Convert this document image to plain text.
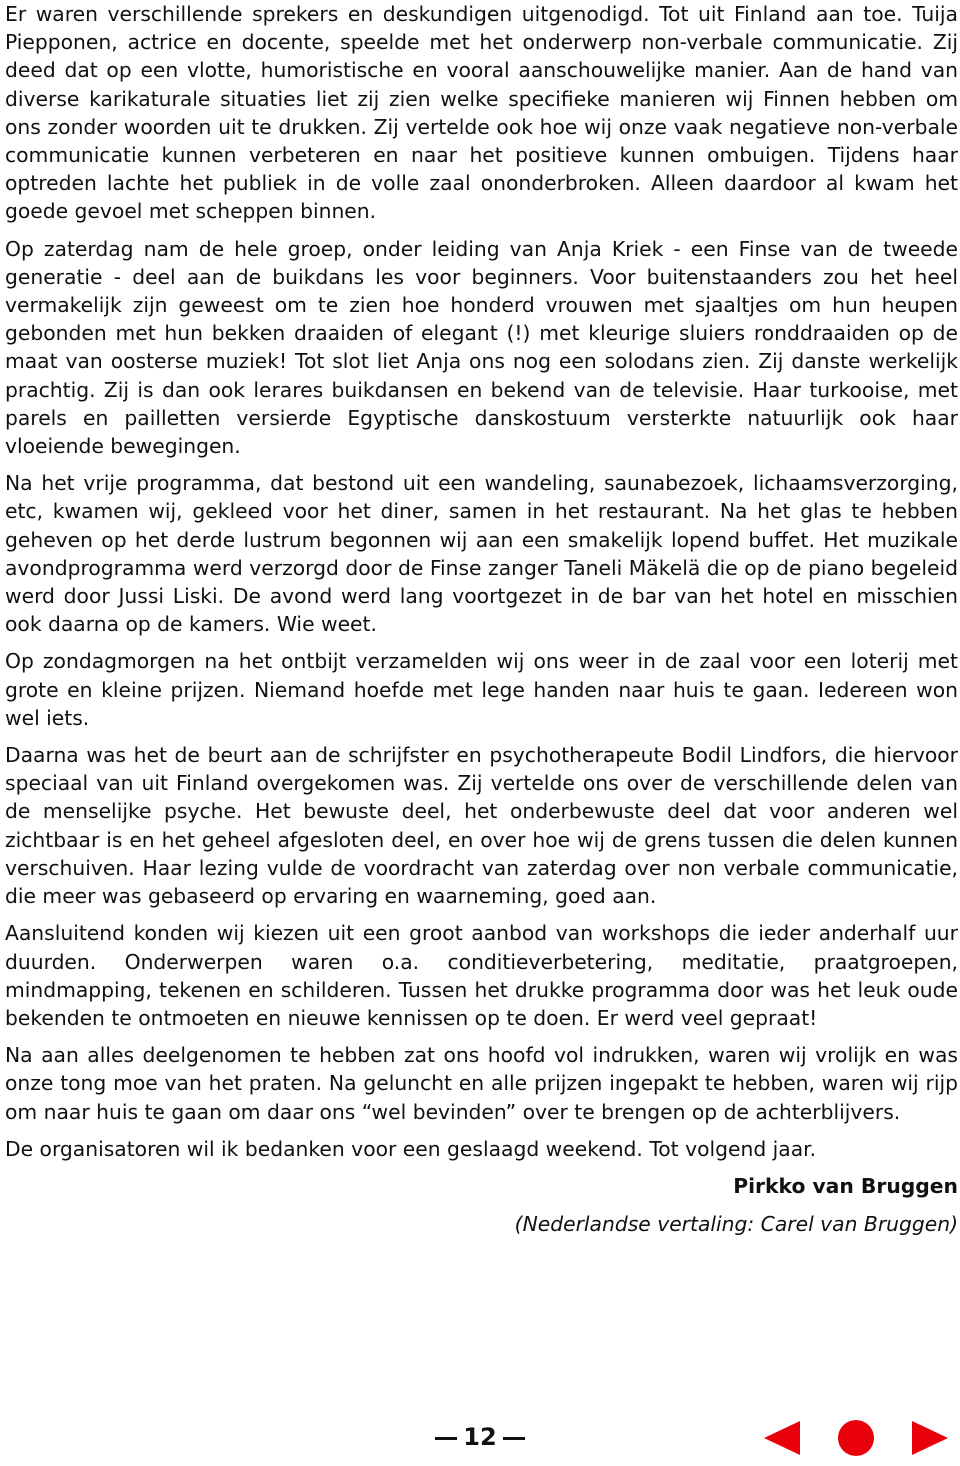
Er waren verschillende sprekers en deskundigen uitgenodigd. Tot uit Finland aan toe. Tuija Piepponen, actrice en docente, speelde met het onderwerp non-verbale communicatie. Zij deed dat op een vlotte, humoristische en vooral aanschouwelijke manier. Aan de hand van diverse karikaturale situaties liet zij zien welke specifieke manieren wij Finnen hebben om ons zonder woorden uit te drukken. Zij vertelde ook hoe wij onze vaak negatieve non-verbale communicatie kunnen verbeteren en naar het positieve kunnen ombuigen. Tijdens haar optreden lachte het publiek in de volle zaal ononderbroken. Alleen daardoor al kwam het goede gevoel met scheppen binnen.

Op zaterdag nam de hele groep, onder leiding van Anja Kriek - een Finse van de tweede generatie - deel aan de buikdans les voor beginners. Voor buitenstaanders zou het heel vermakelijk zijn geweest om te zien hoe honderd vrouwen met sjaaltjes om hun heupen gebonden met hun bekken draaiden of elegant (!) met kleurige sluiers ronddraaiden op de maat van oosterse muziek! Tot slot liet Anja ons nog een solodans zien. Zij danste werkelijk prachtig. Zij is dan ook lerares buikdansen en bekend van de televisie. Haar turkooise, met parels en pailletten versierde Egyptische danskostuum versterkte natuurlijk ook haar vloeiende bewegingen.

Na het vrije programma, dat bestond uit een wandeling, saunabezoek, lichaamsverzorging, etc, kwamen wij, gekleed voor het diner, samen in het restaurant. Na het glas te hebben geheven op het derde lustrum begonnen wij aan een smakelijk lopend buffet. Het muzikale avondprogramma werd verzorgd door de Finse zanger Taneli Mäkelä die op de piano begeleid werd door Jussi Liski. De avond werd lang voortgezet in de bar van het hotel en misschien ook daarna op de kamers. Wie weet.

Op zondagmorgen na het ontbijt verzamelden wij ons weer in de zaal voor een loterij met grote en kleine prijzen. Niemand hoefde met lege handen naar huis te gaan. Iedereen won wel iets.

Daarna was het de beurt aan de schrijfster en psychotherapeute Bodil Lindfors, die hiervoor speciaal van uit Finland overgekomen was. Zij vertelde ons over de verschillende delen van de menselijke psyche. Het bewuste deel, het onderbewuste deel dat voor anderen wel zichtbaar is en het geheel afgesloten deel, en over hoe wij de grens tussen die delen kunnen verschuiven. Haar lezing vulde de voordracht van zaterdag over non verbale communicatie, die meer was gebaseerd op ervaring en waarneming, goed aan.

Aansluitend konden wij kiezen uit een groot aanbod van workshops die ieder anderhalf uur duurden. Onderwerpen waren o.a. conditieverbetering, meditatie, praatgroepen, mindmapping, tekenen en schilderen. Tussen het drukke programma door was het leuk oude bekenden te ontmoeten en nieuwe kennissen op te doen. Er werd veel gepraat!

Na aan alles deelgenomen te hebben zat ons hoofd vol indrukken, waren wij vrolijk en was onze tong moe van het praten. Na geluncht en alle prijzen ingepakt te hebben, waren wij rijp om naar huis te gaan om daar ons “wel bevinden” over te brengen op de achterblijvers.

De organisatoren wil ik bedanken voor een geslaagd weekend. Tot volgend jaar.

Pirkko van Bruggen
(Nederlandse vertaling: Carel van Bruggen)
12
